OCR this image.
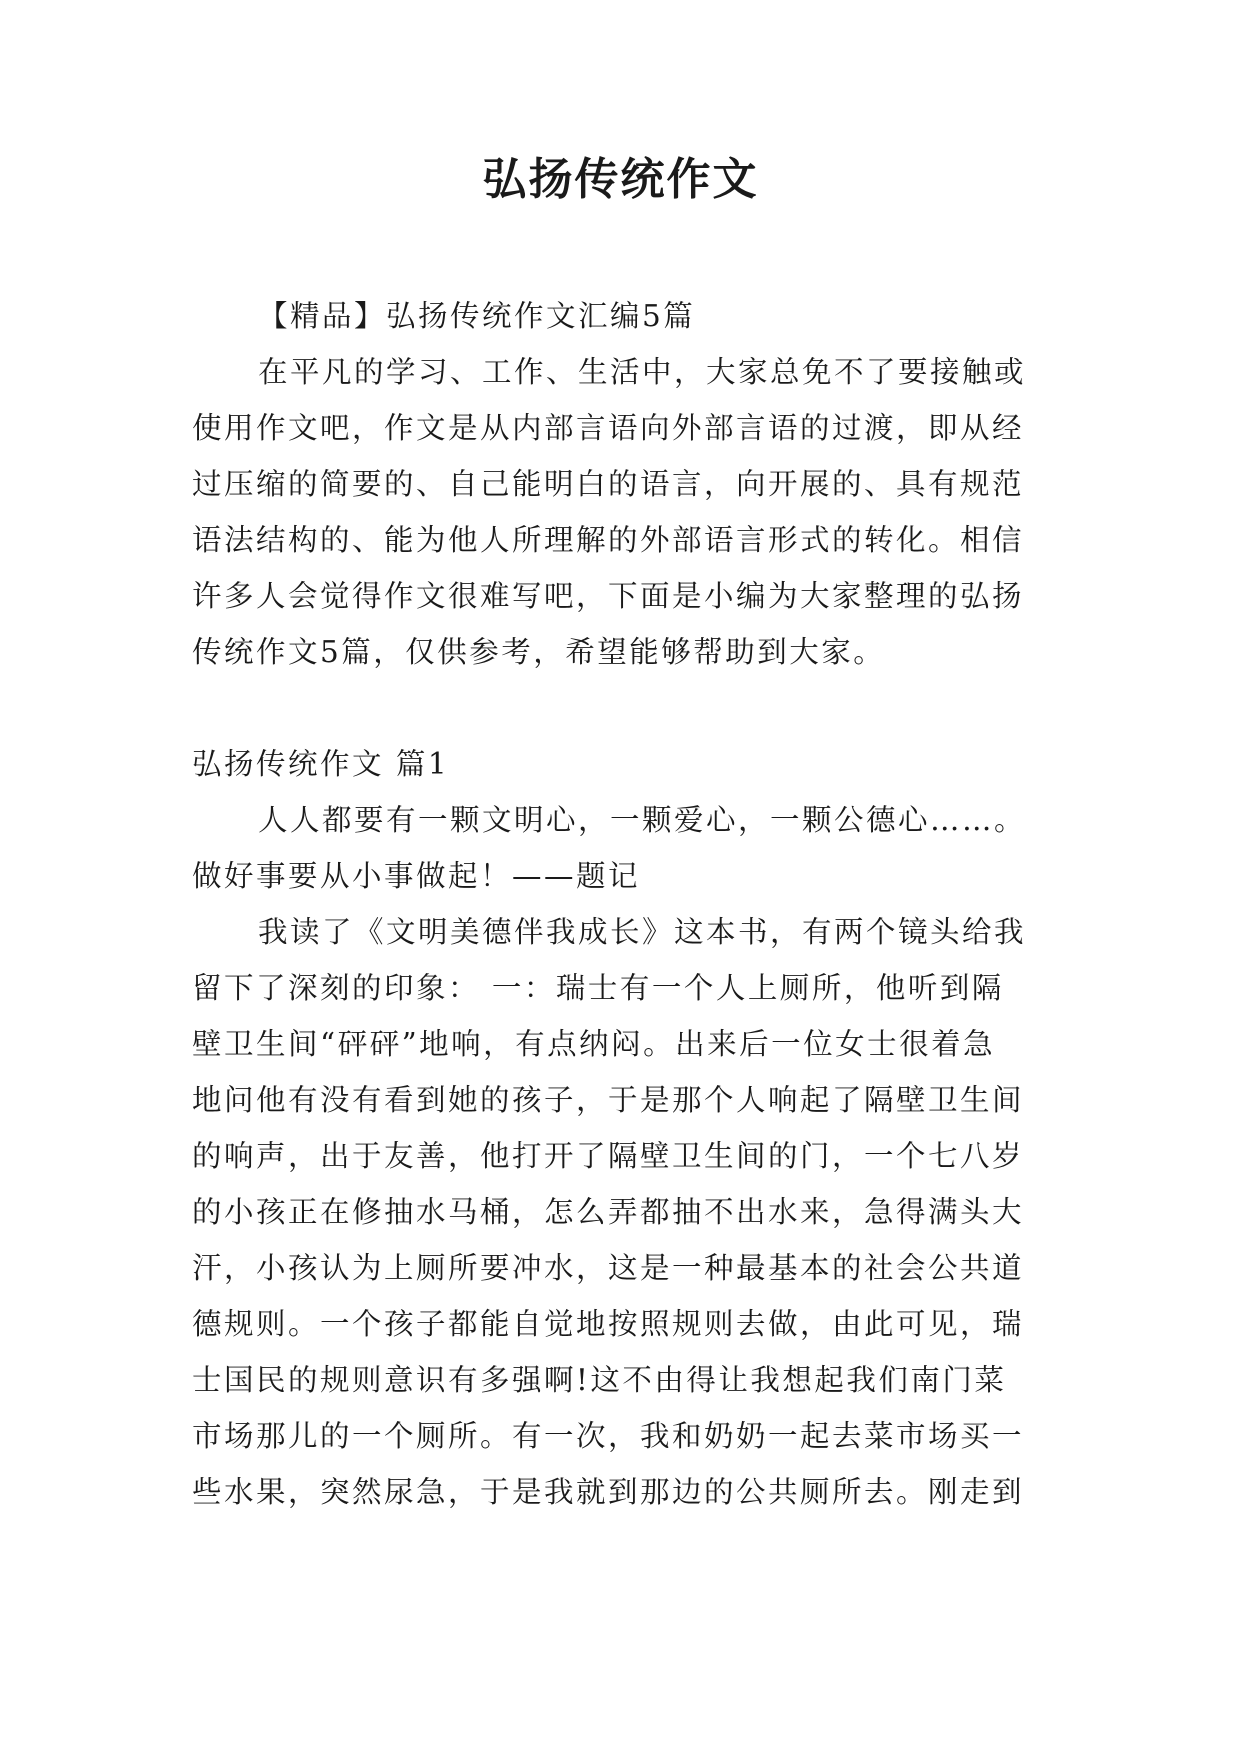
弘扬传统作文

【精品】弘扬传统作文汇编5篇

在平凡的学习、工作、生活中，大家总免不了要接触或
使用作文吧，作文是从内部言语向外部言语的过渡，即从经
过压缩的简要的、自己能明白的语言，向开展的、具有规范
语法结构的、能为他人所理解的外部语言形式的转化。相信
许多人会觉得作文很难写吧，下面是小编为大家整理的弘扬
传统作文5篇，仅供参考，希望能够帮助到大家。

弘扬传统作文 篇1

人人都要有一颗文明心，一颗爱心，一颗公德心……。
做好事要从小事做起！——题记

我读了《文明美德伴我成长》这本书，有两个镜头给我
留下了深刻的印象： 一：瑞士有一个人上厕所，他听到隔
壁卫生间“砰砰”地响，有点纳闷。出来后一位女士很着急
地问他有没有看到她的孩子，于是那个人响起了隔壁卫生间
的响声，出于友善，他打开了隔壁卫生间的门，一个七八岁
的小孩正在修抽水马桶，怎么弄都抽不出水来，急得满头大
汗，小孩认为上厕所要冲水，这是一种最基本的社会公共道
德规则。一个孩子都能自觉地按照规则去做，由此可见，瑞
士国民的规则意识有多强啊!这不由得让我想起我们南门菜
市场那儿的一个厕所。有一次，我和奶奶一起去菜市场买一
些水果，突然尿急，于是我就到那边的公共厕所去。刚走到
